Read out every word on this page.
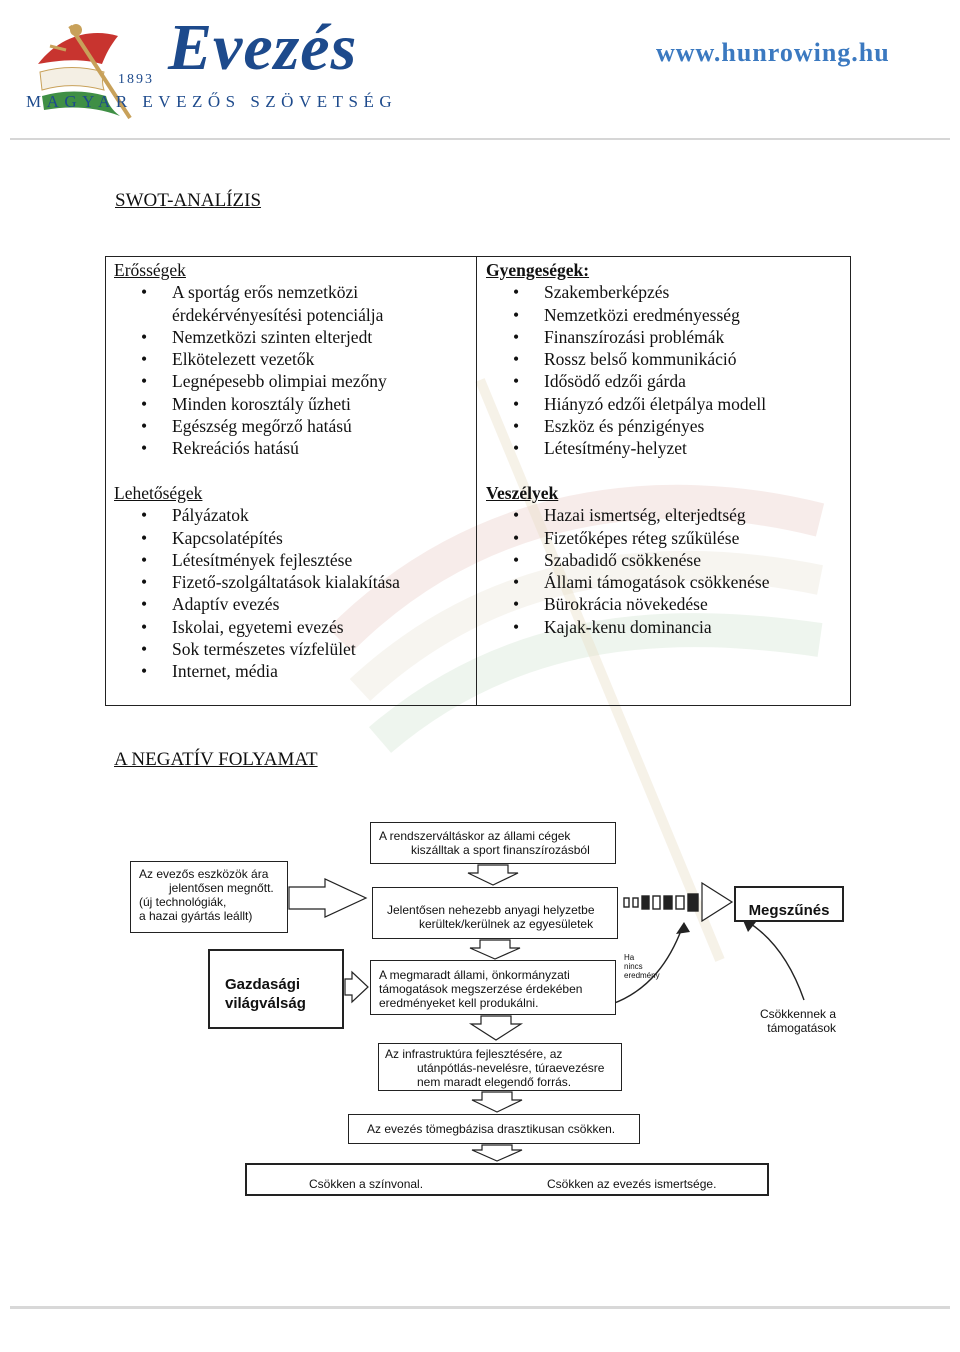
Evezés
1893
MAGYAR EVEZŐS SZÖVETSÉG
www.hunrowing.hu
SWOT-ANALÍZIS
Erősségek
• A sportág erős nemzetközi
érdekérvényesítési potenciálja
• Nemzetközi szinten elterjedt
• Elkötelezett vezetők
• Legnépesebb olimpiai mezőny
• Minden korosztály űzheti
• Egészség megőrző hatású
• Rekreációs hatású
Gyengeségek:
• Szakemberképzés
• Nemzetközi eredményesség
• Finanszírozási problémák
• Rossz belső kommunikáció
• Idősödő edzői gárda
• Hiányzó edzői életpálya modell
• Eszköz és pénzigényes
• Létesítmény-helyzet
Lehetőségek
• Pályázatok
• Kapcsolatépítés
• Létesítmények fejlesztése
• Fizető-szolgáltatások kialakítása
• Adaptív evezés
• Iskolai, egyetemi evezés
• Sok természetes vízfelület
• Internet, média
Veszélyek
• Hazai ismertség, elterjedtség
• Fizetőképes réteg szűkülése
• Szabadidő csökkenése
• Állami támogatások csökkenése
• Bürokrácia növekedése
• Kajak-kenu dominancia
A NEGATÍV FOLYAMAT
A rendszerváltáskor az állami cégek
kiszálltak a sport finanszírozásból
Az evezős eszközök ára
jelentősen megnőtt.
(új technológiák,
a hazai gyártás leállt)	Jelentősen nehezebb anyagi helyzetbe
kerültek/kerülnek az egyesületek
Megszűnés
Gazdasági
világválság
A megmaradt állami, önkormányzati
támogatások megszerzése érdekében
eredményeket kell produkálni.
Ha
nincs
eredmény
Csökkennek a
támogatások
Az infrastruktúra fejlesztésére, az
utánpótlás-nevelésre, túraevezésre
nem maradt elegendő forrás.
Az evezés tömegbázisa drasztikusan csökken.
Csökken a színvonal.	Csökken az evezés ismertsége.
